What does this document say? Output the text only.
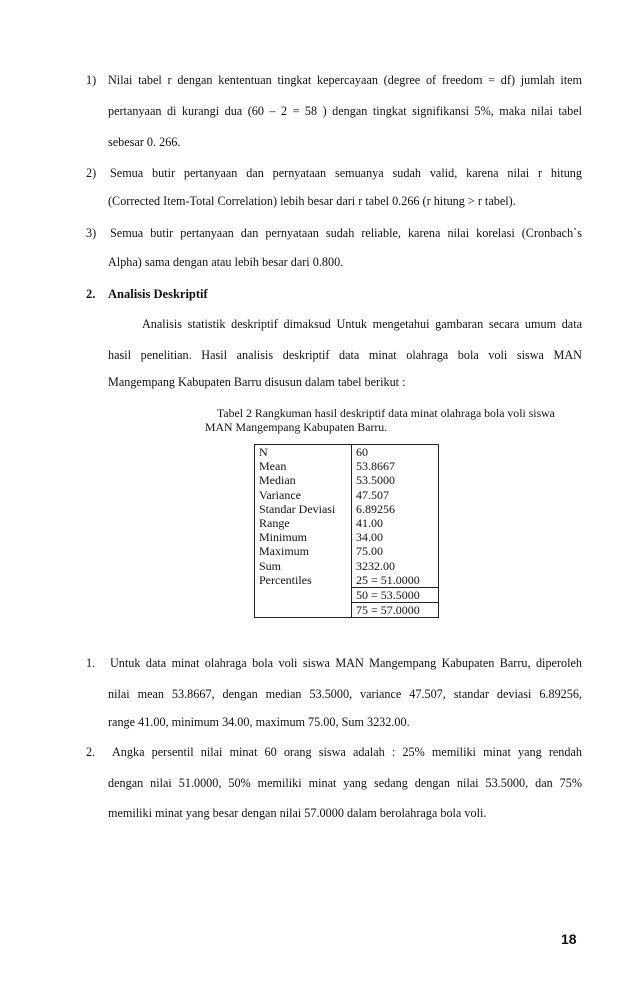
1) Nilai tabel r dengan kententuan tingkat kepercayaan (degree of freedom = df) jumlah item
pertanyaan di kurangi dua (60 – 2 = 58 ) dengan tingkat signifikansi 5%, maka nilai tabel
sebesar 0. 266.
2) Semua butir pertanyaan dan pernyataan semuanya sudah valid, karena nilai r hitung
(Corrected Item-Total Correlation) lebih besar dari r tabel 0.266 (r hitung > r tabel).
3) Semua butir pertanyaan dan pernyataan sudah reliable, karena nilai korelasi (Cronbach`s
Alpha) sama dengan atau lebih besar dari 0.800.
2. Analisis Deskriptif
Analisis statistik deskriptif dimaksud Untuk mengetahui gambaran secara umum data
hasil penelitian. Hasil analisis deskriptif data minat olahraga bola voli siswa MAN
Mangempang Kabupaten Barru disusun dalam tabel berikut :
Tabel 2 Rangkuman hasil deskriptif data minat olahraga bola voli siswa
MAN Mangempang Kabupaten Barru.
N	60
Mean	53.8667
Median	53.5000
Variance	47.507
Standar Deviasi	6.89256
Range	41.00
Minimum	34.00
Maximum	75.00
Sum	3232.00
Percentiles	25 = 51.0000
	50 = 53.5000
	75 = 57.0000
1. Untuk data minat olahraga bola voli siswa MAN Mangempang Kabupaten Barru, diperoleh
nilai mean 53.8667, dengan median 53.5000, variance 47.507, standar deviasi 6.89256,
range 41.00, minimum 34.00, maximum 75.00, Sum 3232.00.
2. Angka persentil nilai minat 60 orang siswa adalah : 25% memiliki minat yang rendah
dengan nilai 51.0000, 50% memiliki minat yang sedang dengan nilai 53.5000, dan 75%
memiliki minat yang besar dengan nilai 57.0000 dalam berolahraga bola voli.
18
